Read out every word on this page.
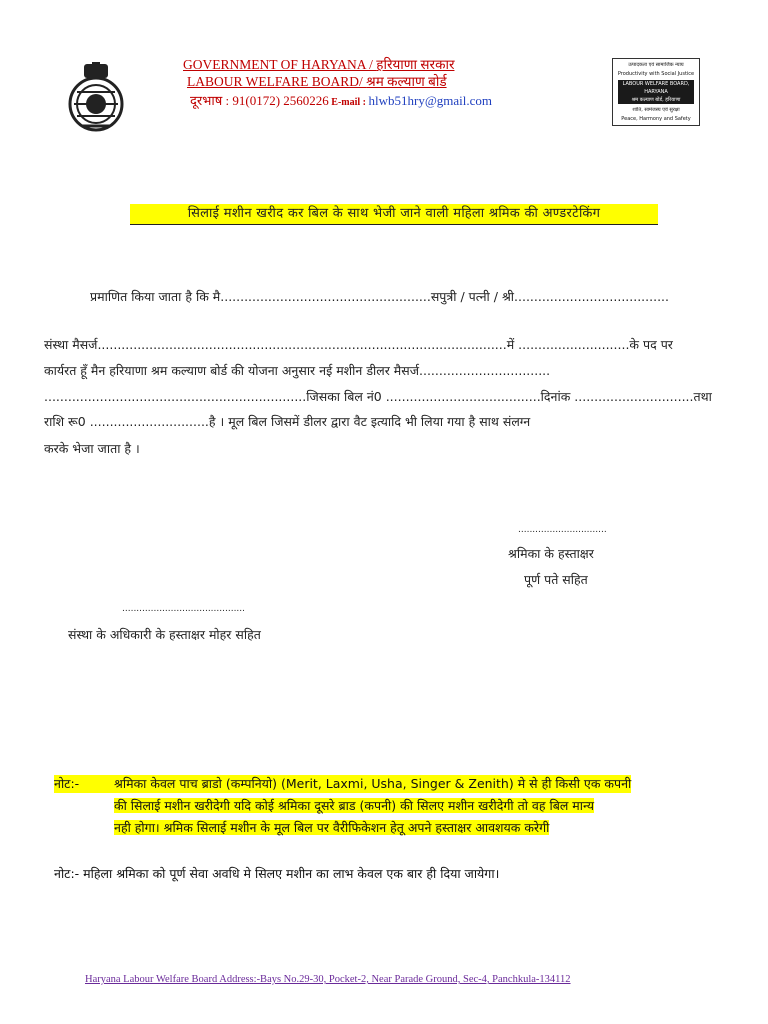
GOVERNMENT OF HARYANA / हरियाणा सरकार
LABOUR WELFARE BOARD/ श्रम कल्याण बोर्ड
दूरभाष : 91(0172) 2560226 E-mail : hlwb51hry@gmail.com
उत्पादकता एवं सामाजिक न्याय
Productivity with Social Justice
LABOUR WELFARE BOARD, HARYANA
श्रम कल्याण बोर्ड, हरियाणा
शांति, सामंजस्य एवं सुरक्षा
Peace, Harmony and Safety
सिलाई मशीन खरीद कर बिल के साथ भेजी जाने वाली महिला श्रमिक की अण्डरटेकिंग
प्रमाणित किया जाता है कि मै.....................................................सपुत्री / पत्नी / श्री.......................................
संस्था मैसर्ज.......................................................................................................में ............................के पद पर
कार्यरत हूँ मैन हरियाणा श्रम कल्याण बोर्ड की योजना अनुसार नई मशीन डीलर मैसर्ज.................................
..................................................................जिसका बिल नं0 .......................................दिनांक ..............................तथा
राशि रू0 ..............................है । मूल बिल जिसमें डीलर द्वारा वैट इत्यादि भी लिया गया है साथ संलग्न
करके भेजा जाता है ।
...............................
श्रमिका के हस्ताक्षर
पूर्ण पते सहित
...........................................
संस्था के अधिकारी के हस्ताक्षर मोहर सहित
नोट:-	श्रमिका केवल पाच ब्राडो (कम्पनियो) (Merit, Laxmi, Usha, Singer & Zenith) मे से ही किसी एक कपनी
की सिलाई मशीन खरीदेगी यदि कोई श्रमिका दूसरे ब्राड (कपनी) की सिलए मशीन खरीदेगी तो वह बिल मान्य
नही होगा। श्रमिक सिलाई मशीन के मूल बिल पर वैरीफिकेशन हेतू अपने हस्ताक्षर आवशयक करेगी
नोट:- महिला श्रमिका को पूर्ण सेवा अवधि मे सिलए मशीन का लाभ केवल एक बार ही दिया जायेगा।
Haryana Labour Welfare Board Address:-Bays No.29-30, Pocket-2, Near Parade Ground, Sec-4, Panchkula-134112
